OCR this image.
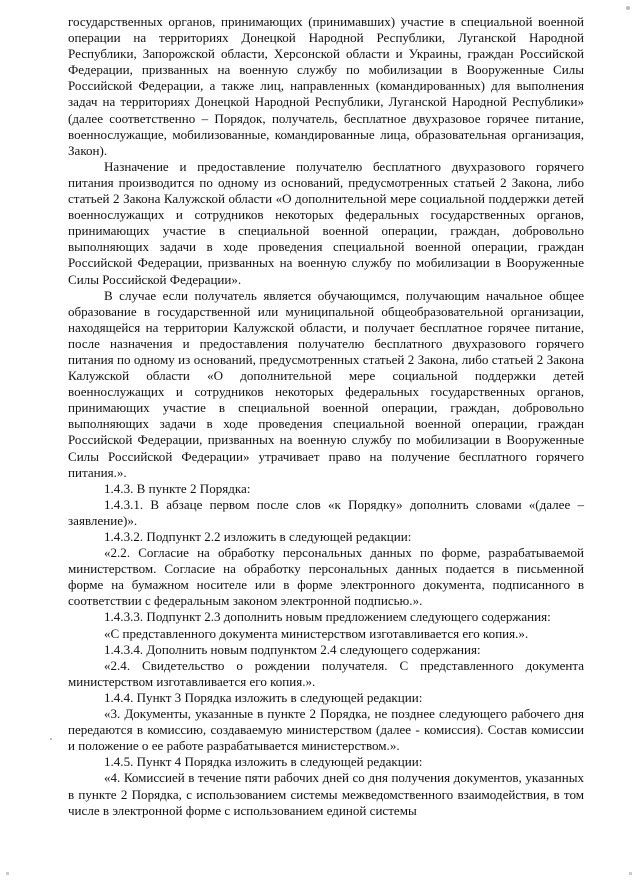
государственных органов, принимающих (принимавших) участие в специальной военной операции на территориях Донецкой Народной Республики, Луганской Народной Республики, Запорожской области, Херсонской области и Украины, граждан Российской Федерации, призванных на военную службу по мобилизации в Вооруженные Силы Российской Федерации, а также лиц, направленных (командированных) для выполнения задач на территориях Донецкой Народной Республики, Луганской Народной Республики» (далее соответственно – Порядок, получатель, бесплатное двухразовое горячее питание, военнослужащие, мобилизованные, командированные лица, образовательная организация, Закон).

Назначение и предоставление получателю бесплатного двухразового горячего питания производится по одному из оснований, предусмотренных статьей 2 Закона, либо статьей 2 Закона Калужской области «О дополнительной мере социальной поддержки детей военнослужащих и сотрудников некоторых федеральных государственных органов, принимающих участие в специальной военной операции, граждан, добровольно выполняющих задачи в ходе проведения специальной военной операции, граждан Российской Федерации, призванных на военную службу по мобилизации в Вооруженные Силы Российской Федерации».

В случае если получатель является обучающимся, получающим начальное общее образование в государственной или муниципальной общеобразовательной организации, находящейся на территории Калужской области, и получает бесплатное горячее питание, после назначения и предоставления получателю бесплатного двухразового горячего питания по одному из оснований, предусмотренных статьей 2 Закона, либо статьей 2 Закона Калужской области «О дополнительной мере социальной поддержки детей военнослужащих и сотрудников некоторых федеральных государственных органов, принимающих участие в специальной военной операции, граждан, добровольно выполняющих задачи в ходе проведения специальной военной операции, граждан Российской Федерации, призванных на военную службу по мобилизации в Вооруженные Силы Российской Федерации» утрачивает право на получение бесплатного горячего питания.».

1.4.3. В пункте 2 Порядка:

1.4.3.1. В абзаце первом после слов «к Порядку» дополнить словами «(далее – заявление)».

1.4.3.2. Подпункт 2.2 изложить в следующей редакции:

«2.2. Согласие на обработку персональных данных по форме, разрабатываемой министерством. Согласие на обработку персональных данных подается в письменной форме на бумажном носителе или в форме электронного документа, подписанного в соответствии с федеральным законом электронной подписью.».

1.4.3.3. Подпункт 2.3 дополнить новым предложением следующего содержания:

«С представленного документа министерством изготавливается его копия.».

1.4.3.4. Дополнить новым подпунктом 2.4 следующего содержания:

«2.4. Свидетельство о рождении получателя. С представленного документа министерством изготавливается его копия.».

1.4.4. Пункт 3 Порядка изложить в следующей редакции:

«3. Документы, указанные в пункте 2 Порядка, не позднее следующего рабочего дня передаются в комиссию, создаваемую министерством (далее - комиссия). Состав комиссии и положение о ее работе разрабатывается министерством.».

1.4.5. Пункт 4 Порядка изложить в следующей редакции:

«4. Комиссией в течение пяти рабочих дней со дня получения документов, указанных в пункте 2 Порядка, с использованием системы межведомственного взаимодействия, в том числе в электронной форме с использованием единой системы
